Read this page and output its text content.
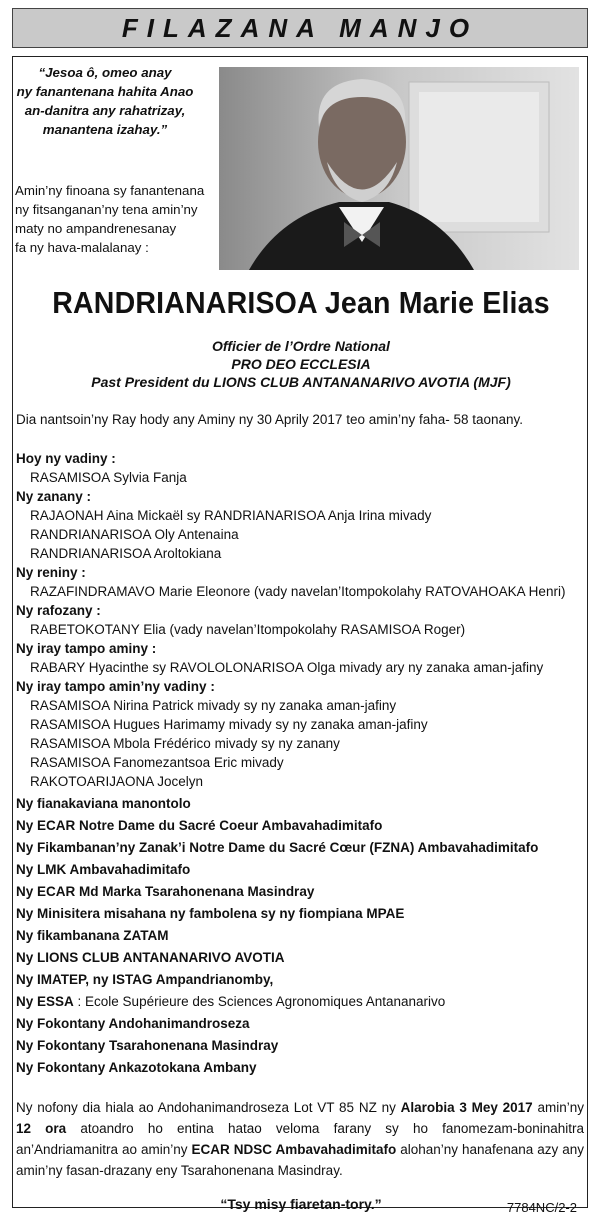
FILAZANA MANJO
“Jesoa ô, omeo anay
ny fanantenana hahita Anao
an-danitra any rahatrizay,
manantena izahay.”
Amin’ny finoana sy fanantenana
ny fitsanganan’ny tena amin’ny
maty no ampandrenesanay
fa ny hava-malalanay :
RANDRIANARISOA Jean Marie Elias
Officier de l’Ordre National
PRO DEO ECCLESIA
Past President du LIONS CLUB ANTANANARIVO AVOTIA (MJF)
Dia nantsoin’ny Ray hody any Aminy ny 30 Aprily 2017 teo amin’ny faha- 58 taonany.
Hoy ny vadiny :
RASAMISOA Sylvia Fanja
Ny zanany :
RAJAONAH Aina Mickaël sy RANDRIANARISOA Anja Irina mivady
RANDRIANARISOA Oly Antenaina
RANDRIANARISOA Aroltokiana
Ny reniny :
RAZAFINDRAMAVO Marie Eleonore (vady navelan’Itompokolahy RATOVAHOAKA Henri)
Ny rafozany :
RABETOKOTANY Elia (vady navelan’Itompokolahy RASAMISOA Roger)
Ny iray tampo aminy :
RABARY Hyacinthe sy RAVOLOLONARISOA Olga mivady ary ny zanaka aman-jafiny
Ny iray tampo amin’ny vadiny :
RASAMISOA Nirina Patrick mivady sy ny zanaka aman-jafiny
RASAMISOA Hugues Harimamy mivady sy ny zanaka aman-jafiny
RASAMISOA Mbola Frédérico mivady sy ny zanany
RASAMISOA Fanomezantsoa Eric mivady
RAKOTOARIJAONA Jocelyn
Ny fianakaviana manontolo
Ny ECAR Notre Dame du Sacré Coeur Ambavahadimitafo
Ny Fikambanan’ny Zanak’i Notre Dame du Sacré Cœur (FZNA) Ambavahadimitafo
Ny LMK Ambavahadimitafo
Ny ECAR Md Marka Tsarahonenana Masindray
Ny Minisitera misahana ny fambolena sy ny fiompiana MPAE
Ny fikambanana ZATAM
Ny LIONS CLUB ANTANANARIVO AVOTIA
Ny IMATEP, ny ISTAG Ampandrianomby,
Ny ESSA : Ecole Supérieure des Sciences Agronomiques Antananarivo
Ny Fokontany Andohanimandroseza
Ny Fokontany Tsarahonenana Masindray
Ny Fokontany Ankazotokana Ambany
Ny nofony dia hiala ao Andohanimandroseza Lot VT 85 NZ ny Alarobia 3 Mey 2017 amin’ny 12 ora atoandro ho entina hatao veloma farany sy ho fanomezam-boninahitra an’Andriamanitra ao amin’ny ECAR NDSC Ambavahadimitafo alohan’ny hanafenana azy any amin’ny fasan-drazany eny Tsarahonenana Masindray.
“Tsy misy fiaretan-tory.”	7784NC/2-2
